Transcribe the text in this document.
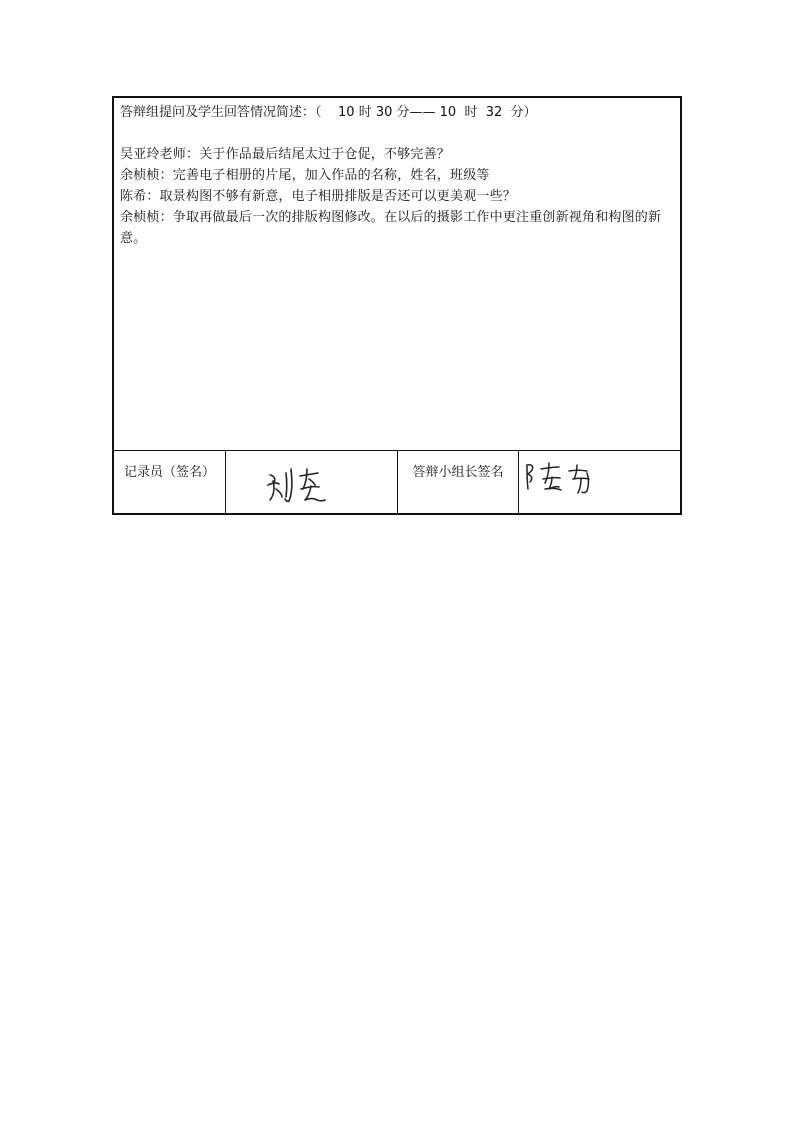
答辩组提问及学生回答情况简述：（    10 时 30 分—— 10  时  32  分）

吴亚玲老师：关于作品最后结尾太过于仓促，不够完善？

余桢桢：完善电子相册的片尾，加入作品的名称，姓名，班级等

陈希：取景构图不够有新意，电子相册排版是否还可以更美观一些？

余桢桢：争取再做最后一次的排版构图修改。在以后的摄影工作中更注重创新视角和构图的新意。

记录员（签名）	答辩小组长签名
